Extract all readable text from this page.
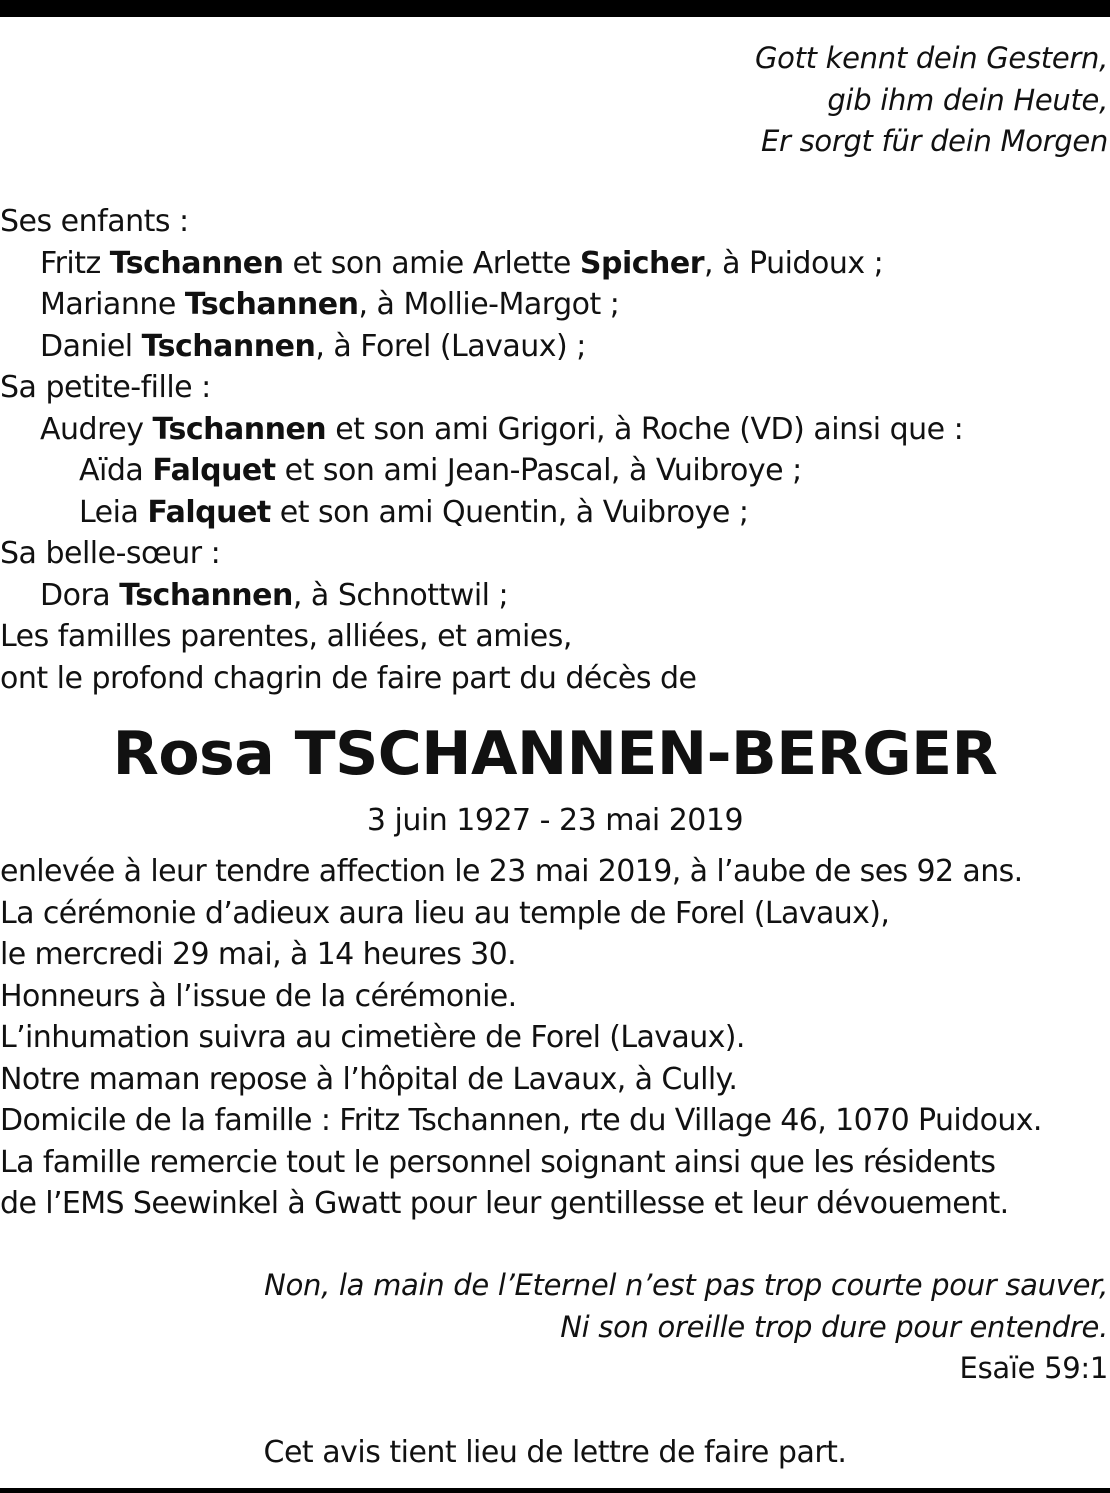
Gott kennt dein Gestern,
gib ihm dein Heute,
Er sorgt für dein Morgen
Ses enfants :
Fritz Tschannen et son amie Arlette Spicher, à Puidoux ;
Marianne Tschannen, à Mollie-Margot ;
Daniel Tschannen, à Forel (Lavaux) ;
Sa petite-fille :
Audrey Tschannen et son ami Grigori, à Roche (VD) ainsi que :
Aïda Falquet et son ami Jean-Pascal, à Vuibroye ;
Leia Falquet et son ami Quentin, à Vuibroye ;
Sa belle-sœur :
Dora Tschannen, à Schnottwil ;
Les familles parentes, alliées, et amies,
ont le profond chagrin de faire part du décès de
Rosa TSCHANNEN-BERGER
3 juin 1927 - 23 mai 2019
enlevée à leur tendre affection le 23 mai 2019, à l’aube de ses 92 ans.
La cérémonie d’adieux aura lieu au temple de Forel (Lavaux),
le mercredi 29 mai, à 14 heures 30.
Honneurs à l’issue de la cérémonie.
L’inhumation suivra au cimetière de Forel (Lavaux).
Notre maman repose à l’hôpital de Lavaux, à Cully.
Domicile de la famille : Fritz Tschannen, rte du Village 46, 1070 Puidoux.
La famille remercie tout le personnel soignant ainsi que les résidents
de l’EMS Seewinkel à Gwatt pour leur gentillesse et leur dévouement.
Non, la main de l’Eternel n’est pas trop courte pour sauver,
Ni son oreille trop dure pour entendre.
Esaïe 59:1
Cet avis tient lieu de lettre de faire part.
